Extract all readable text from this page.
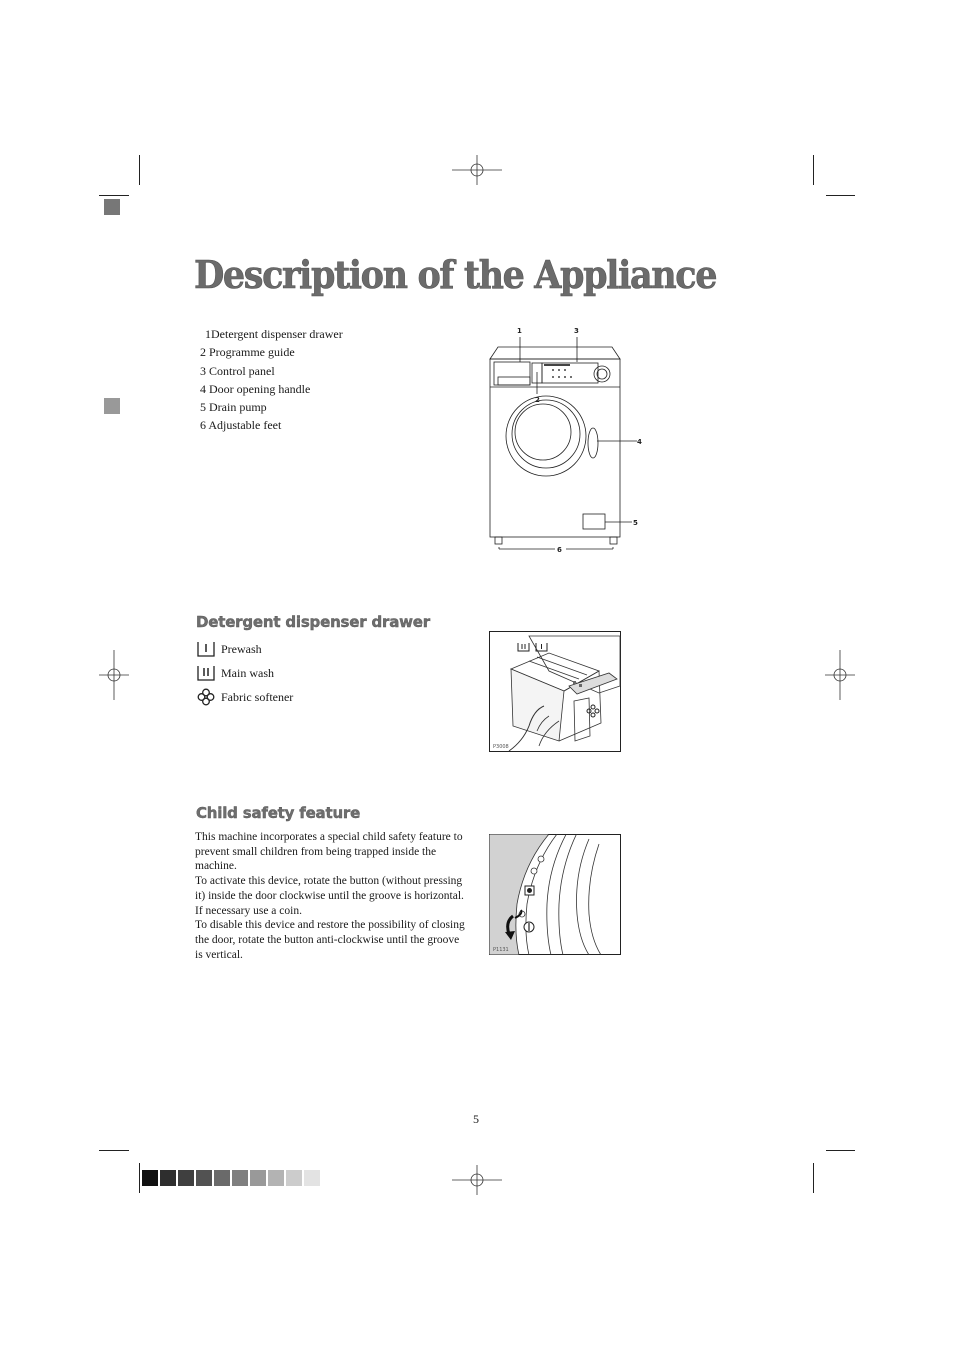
Description of the Appliance
1Detergent dispenser drawer
2 Programme guide
3 Control panel
4 Door opening handle
5 Drain pump
6 Adjustable feet
1	3
2
4
5
6
Detergent dispenser drawer
Prewash
Main wash
Fabric softener
P3008
Child safety feature

This machine incorporates a special child safety feature to prevent small children from being trapped inside the machine.

To activate this device, rotate the button (without pressing it) inside the door clockwise until the groove is horizontal. If necessary use a coin.

To disable this device and restore the possibility of closing the door, rotate the button anti-clockwise until the groove is vertical.	P1131
5
